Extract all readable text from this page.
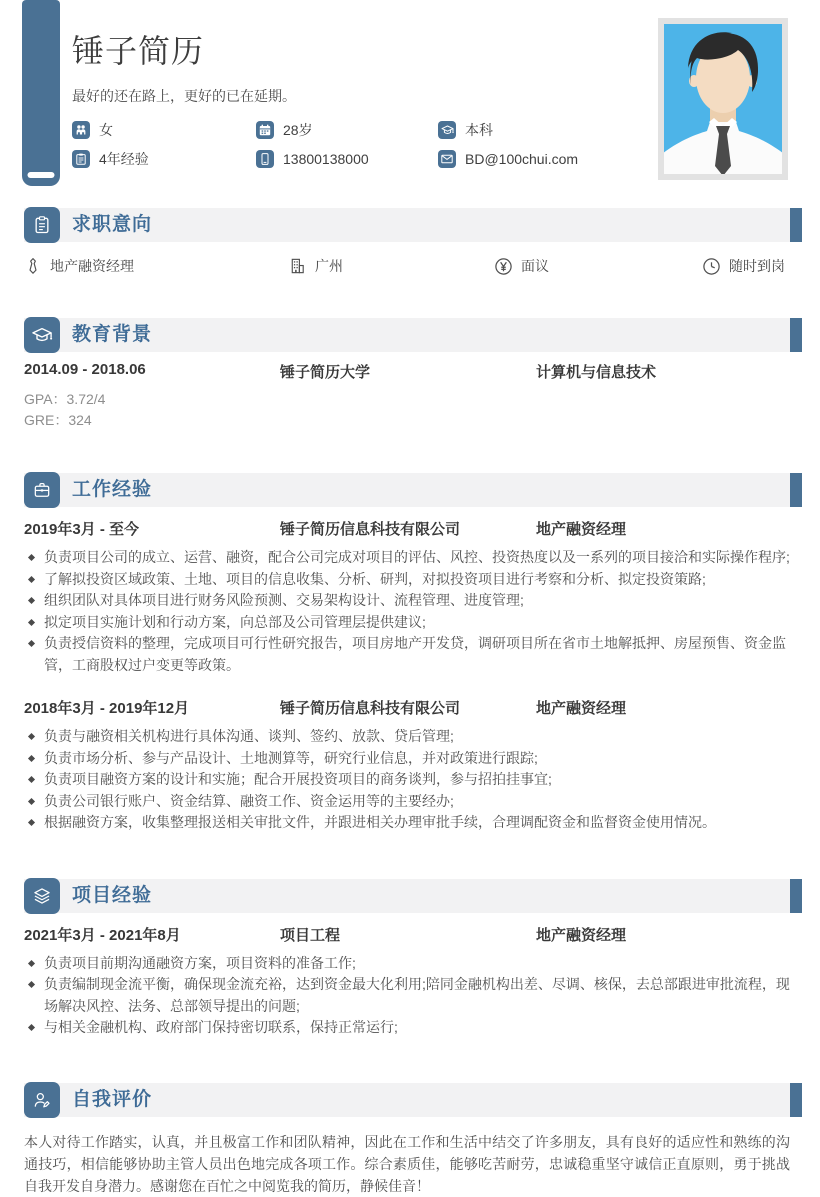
锤子简历
最好的还在路上，更好的已在延期。
女	28岁	本科
4年经验	13800138000	BD@100chui.com
求职意向
地产融资经理	广州	面议	随时到岗
教育背景
2014.09 - 2018.06	锤子简历大学	计算机与信息技术
GPA：3.72/4
GRE：324
工作经验
2019年3月 - 至今	锤子简历信息科技有限公司	地产融资经理
负责项目公司的成立、运营、融资，配合公司完成对项目的评估、风控、投资热度以及一系列的项目接洽和实际操作程序;
了解拟投资区域政策、土地、项目的信息收集、分析、研判，对拟投资项目进行考察和分析、拟定投资策路;
组织团队对具体项目进行财务风险预测、交易架构设计、流程管理、进度管理;
拟定项目实施计划和行动方案，向总部及公司管理层提供建议;
负责授信资料的整理，完成项目可行性研究报告，项目房地产开发贷，调研项目所在省市土地解抵押、房屋预售、资金监管，工商股权过户变更等政策。
2018年3月 - 2019年12月	锤子简历信息科技有限公司	地产融资经理
负责与融资相关机构进行具体沟通、谈判、签约、放款、贷后管理;
负责市场分析、参与产品设计、土地测算等，研究行业信息，并对政策进行跟踪;
负责项目融资方案的设计和实施；配合开展投资项目的商务谈判，参与招拍挂事宜;
负责公司银行账户、资金结算、融资工作、资金运用等的主要经办;
根据融资方案，收集整理报送相关审批文件，并跟进相关办理审批手续，合理调配资金和监督资金使用情况。
项目经验
2021年3月 - 2021年8月	项目工程	地产融资经理
负责项目前期沟通融资方案，项目资料的准备工作;
负责编制现金流平衡，确保现金流充裕，达到资金最大化利用;陪同金融机构出差、尽调、核保，去总部跟进审批流程，现场解决风控、法务、总部领导提出的问题;
与相关金融机构、政府部门保持密切联系，保持正常运行;
自我评价

本人对待工作踏实，认真，并且极富工作和团队精神，因此在工作和生活中结交了许多朋友，具有良好的适应性和熟练的沟通技巧，相信能够协助主管人员出色地完成各项工作。综合素质佳，能够吃苦耐劳，忠诚稳重坚守诚信正直原则，勇于挑战自我开发自身潜力。感谢您在百忙之中阅览我的简历，静候佳音！
